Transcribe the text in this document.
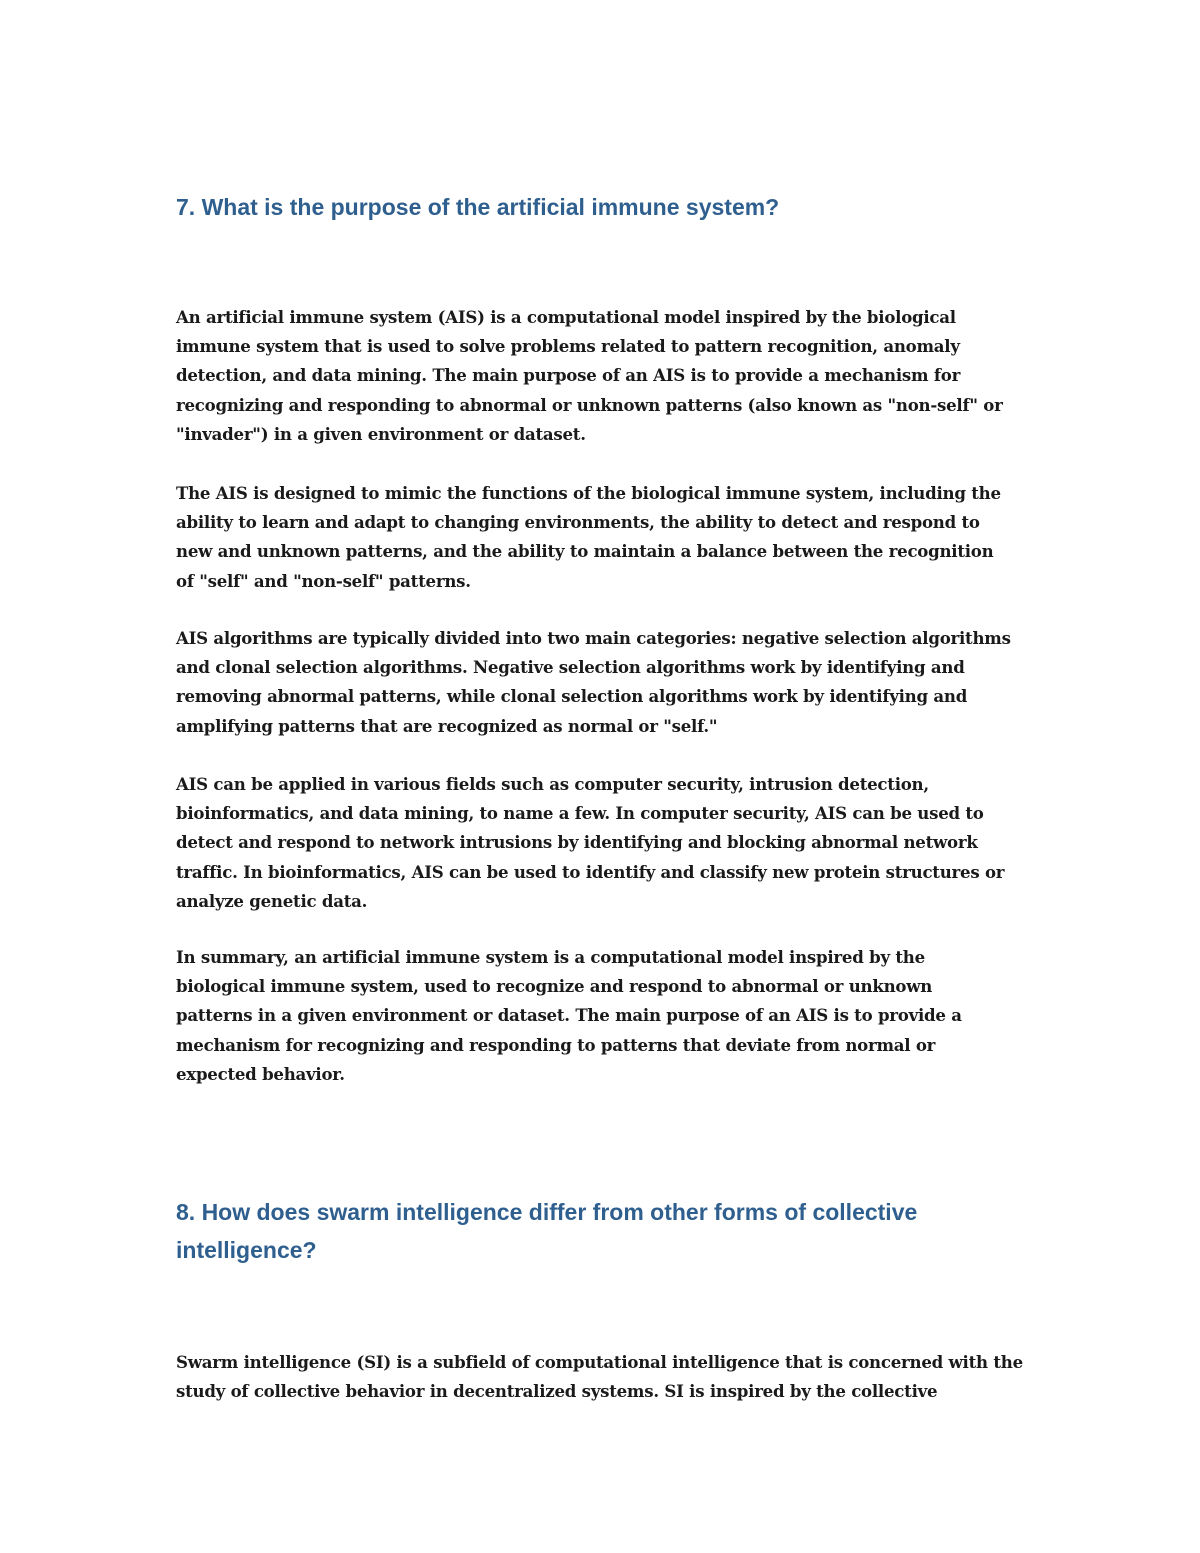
7. What is the purpose of the artificial immune system?

An artificial immune system (AIS) is a computational model inspired by the biological
immune system that is used to solve problems related to pattern recognition, anomaly
detection, and data mining. The main purpose of an AIS is to provide a mechanism for
recognizing and responding to abnormal or unknown patterns (also known as "non-self" or
"invader") in a given environment or dataset.

The AIS is designed to mimic the functions of the biological immune system, including the
ability to learn and adapt to changing environments, the ability to detect and respond to
new and unknown patterns, and the ability to maintain a balance between the recognition
of "self" and "non-self" patterns.

AIS algorithms are typically divided into two main categories: negative selection algorithms
and clonal selection algorithms. Negative selection algorithms work by identifying and
removing abnormal patterns, while clonal selection algorithms work by identifying and
amplifying patterns that are recognized as normal or "self."

AIS can be applied in various fields such as computer security, intrusion detection,
bioinformatics, and data mining, to name a few. In computer security, AIS can be used to
detect and respond to network intrusions by identifying and blocking abnormal network
traffic. In bioinformatics, AIS can be used to identify and classify new protein structures or
analyze genetic data.

In summary, an artificial immune system is a computational model inspired by the
biological immune system, used to recognize and respond to abnormal or unknown
patterns in a given environment or dataset. The main purpose of an AIS is to provide a
mechanism for recognizing and responding to patterns that deviate from normal or
expected behavior.

8. How does swarm intelligence differ from other forms of collective
intelligence?

Swarm intelligence (SI) is a subfield of computational intelligence that is concerned with the
study of collective behavior in decentralized systems. SI is inspired by the collective
